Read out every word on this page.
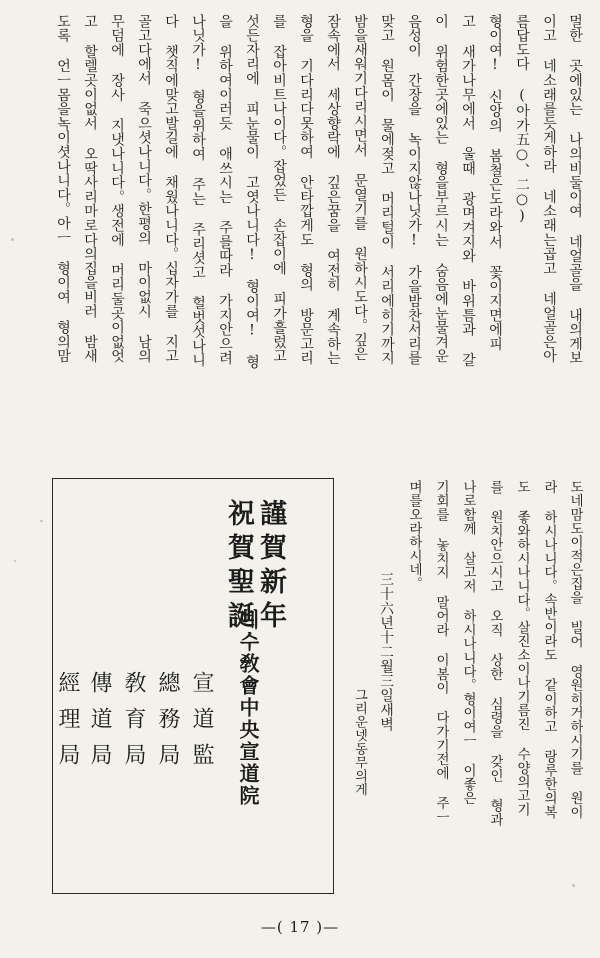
멀한 곳에있는 나의비둘이여 네얼골을 내의게보
이고 네소래를듯게하라 네소래는곱고 네얼골은아
름답도다 (아가五○、二○)
형이여! 신앙의 봄철은도라와서 꽃이지면에피
고 새가나무에서 울때 광며겨지와 바위틈과 갈
이 위험한곳에있는 형을부르시는 숨음에눈물겨운
음성이 간장을 녹이지않나닛가! 가을밤찬서리를
맞고 원몸이 물에젖고 머리털이 서리에히기까지
밤을새워기다리시면서 문열기를 원하시도다。깊은
잠속에서 세상향락에 깊은꿈을 여전히 계속하는
형을 기다리다못하여 안타깝게도 형의 방문고리
를 잡아비트나이다。잡었든 손잡이에 피가흘렀고
섯든자리에 피눈물이 고엿나니다! 형이여! 형
을 위하여이러듯 애쓰시는 주를따라 가지안으려
나닛가! 형을위하여 주는 주리셧고 헐벗섯나니
다 챗직에맞고발길에 채웠나니다。십자가를 지고
골고다에서 죽으셧나니다。한평의 마이없시 남의
무덤에 장사 지냇나니다。생전에 머리둘곳이없엇
고 할렐곳이없서 오딱사리마로다의집을비러 밤새
도록 언ㅡ몸을녹이셧나니다。아ㅡ 형이여 형의맘
도네맘도이적은집을 빌어 영원히거하시기를 원이
라 하시나니다。속반이라도 같이하고 랑루한의복
도 좋와하시나니다。살진소이나기름진 수양의고기
를 원치안으시고 오직 상한 심령을 갖인 형과
나로함께 살고저 하시나니다。형이여ㅡ 이좋은
기회를 놓치지 말어라 이봄이 다가기전에 주ㅡ
며를오라하시네。
三十六년十二월三일새벽
그리운넷동무의게
謹賀新年
祝賀聖誕
예수敎會中央宣道院
宣道監
總務局
敎育局
傳道局
經理局
—( 17 )—
